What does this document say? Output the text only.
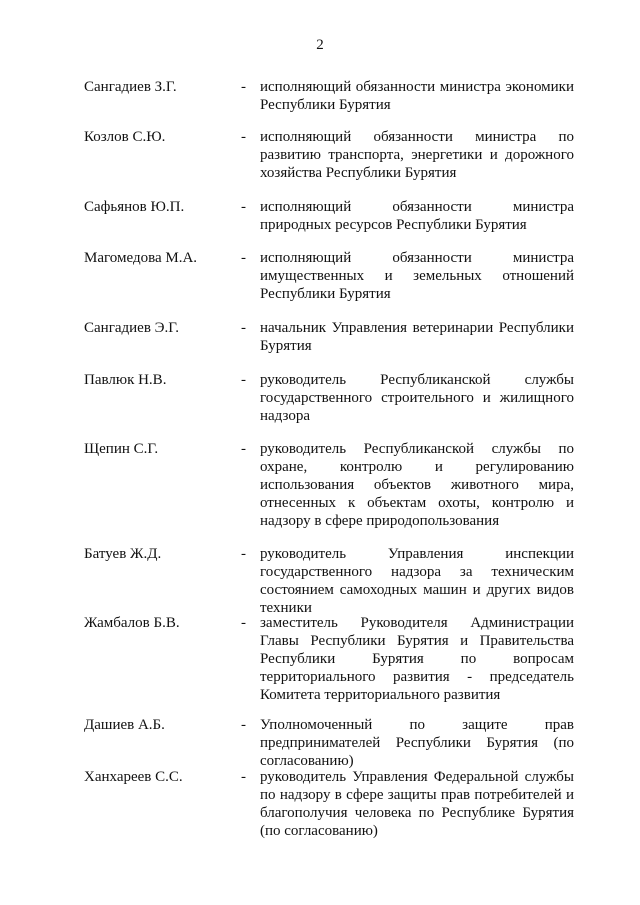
2
Сангадиев З.Г.	- исполняющий обязанности министра экономики Республики Бурятия
Козлов С.Ю.	- исполняющий обязанности министра по развитию транспорта, энергетики и дорожного хозяйства Республики Бурятия
Сафьянов Ю.П.	- исполняющий обязанности министра природных ресурсов Республики Бурятия
Магомедова М.А.	- исполняющий обязанности министра имущественных и земельных отношений Республики Бурятия
Сангадиев Э.Г.	- начальник Управления ветеринарии Республики Бурятия
Павлюк Н.В.	- руководитель Республиканской службы государственного строительного и жилищного надзора
Щепин С.Г.	- руководитель Республиканской службы по охране, контролю и регулированию использования объектов животного мира, отнесенных к объектам охоты, контролю и надзору в сфере природопользования
Батуев Ж.Д.	- руководитель Управления инспекции государственного надзора за техническим состоянием самоходных машин и других видов техники
Жамбалов Б.В.	- заместитель Руководителя Администрации Главы Республики Бурятия и Правительства Республики Бурятия по вопросам территориального развития - председатель Комитета территориального развития
Дашиев А.Б.	- Уполномоченный по защите прав предпринимателей Республики Бурятия (по согласованию)
Ханхареев С.С.	- руководитель Управления Федеральной службы по надзору в сфере защиты прав потребителей и благополучия человека по Республике Бурятия (по согласованию)
